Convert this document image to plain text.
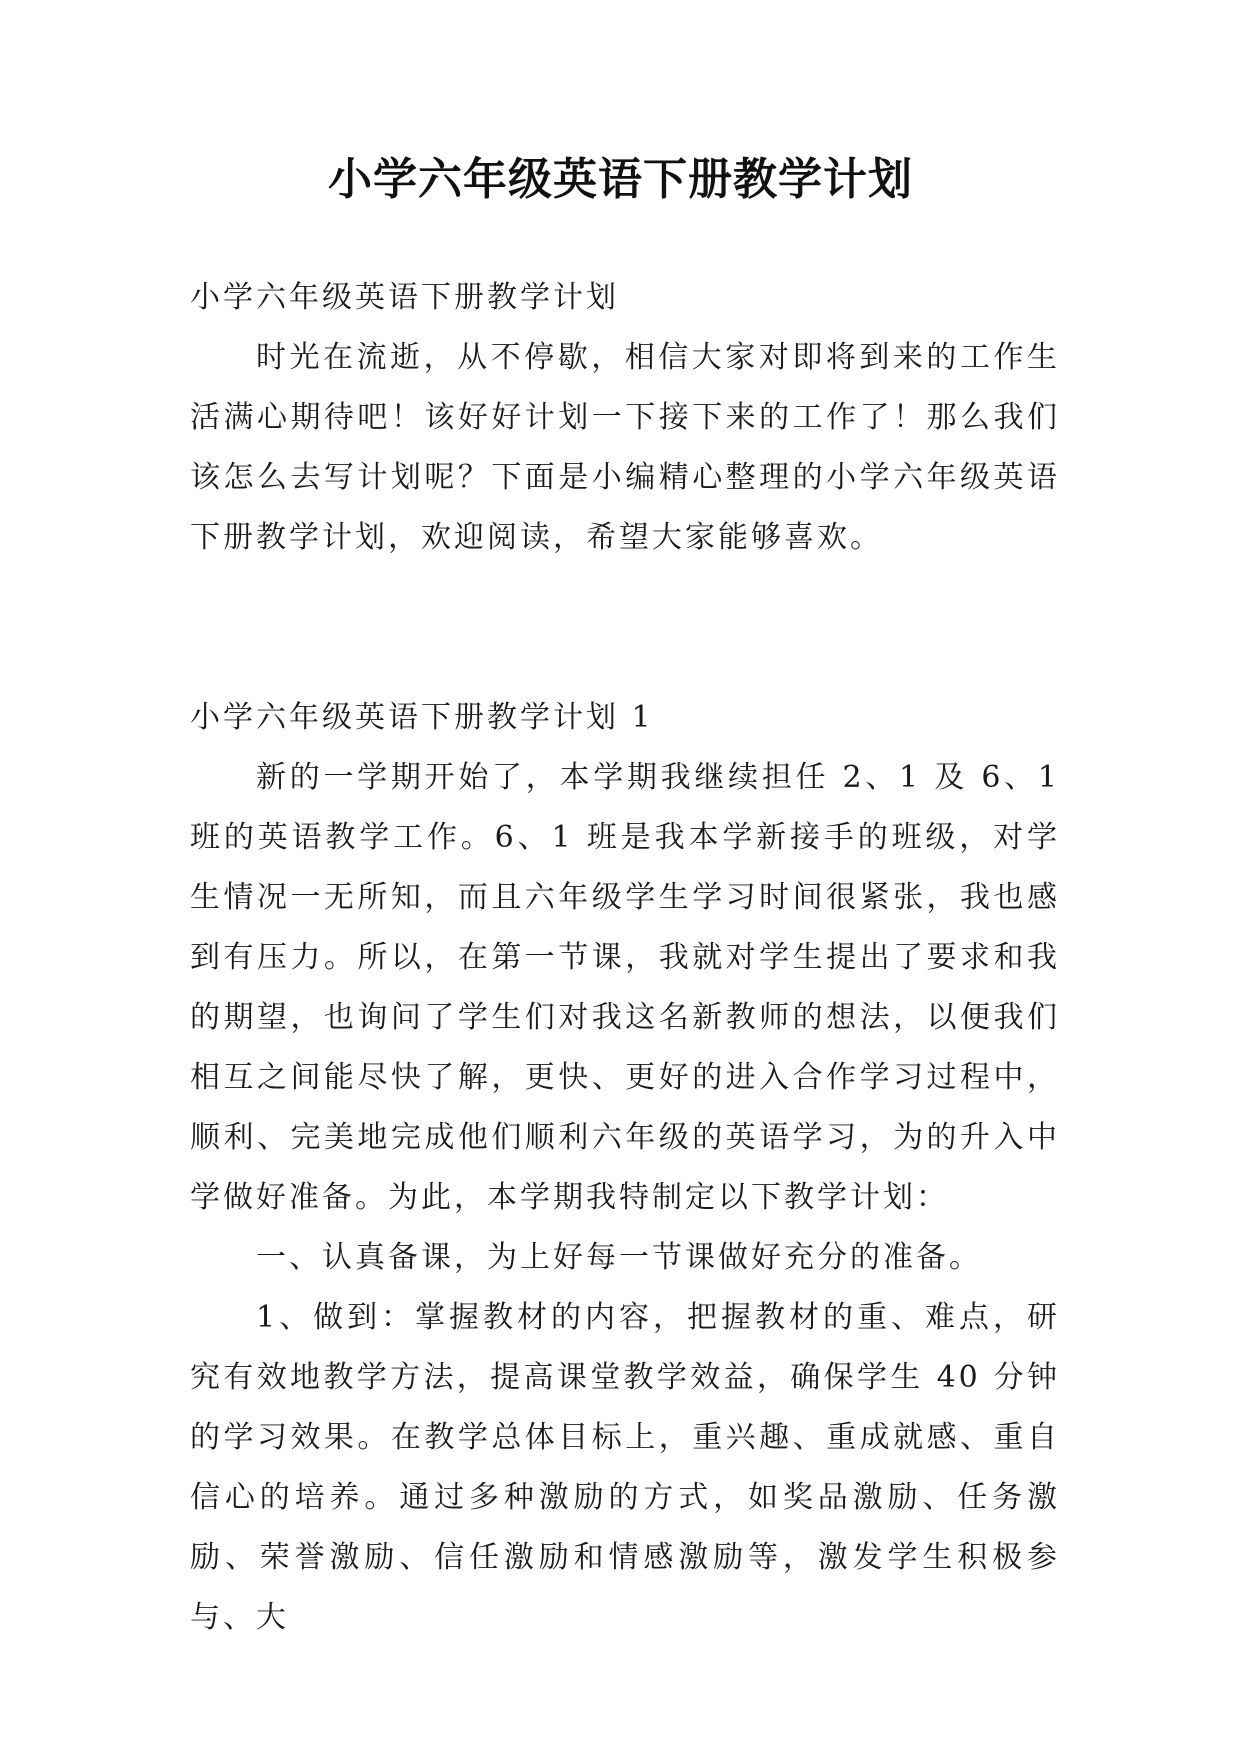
小学六年级英语下册教学计划

小学六年级英语下册教学计划

时光在流逝，从不停歇，相信大家对即将到来的工作生活满心期待吧！该好好计划一下接下来的工作了！那么我们该怎么去写计划呢？下面是小编精心整理的小学六年级英语下册教学计划，欢迎阅读，希望大家能够喜欢。

小学六年级英语下册教学计划 1

新的一学期开始了，本学期我继续担任 2、1 及 6、1 班的英语教学工作。6、1 班是我本学新接手的班级，对学生情况一无所知，而且六年级学生学习时间很紧张，我也感到有压力。所以，在第一节课，我就对学生提出了要求和我的期望，也询问了学生们对我这名新教师的想法，以便我们相互之间能尽快了解，更快、更好的进入合作学习过程中，顺利、完美地完成他们顺利六年级的英语学习，为的升入中学做好准备。为此，本学期我特制定以下教学计划：

一、认真备课，为上好每一节课做好充分的准备。

1、做到：掌握教材的内容，把握教材的重、难点，研究有效地教学方法，提高课堂教学效益，确保学生 40 分钟的学习效果。在教学总体目标上，重兴趣、重成就感、重自信心的培养。通过多种激励的方式，如奖品激励、任务激励、荣誉激励、信任激励和情感激励等，激发学生积极参与、大
